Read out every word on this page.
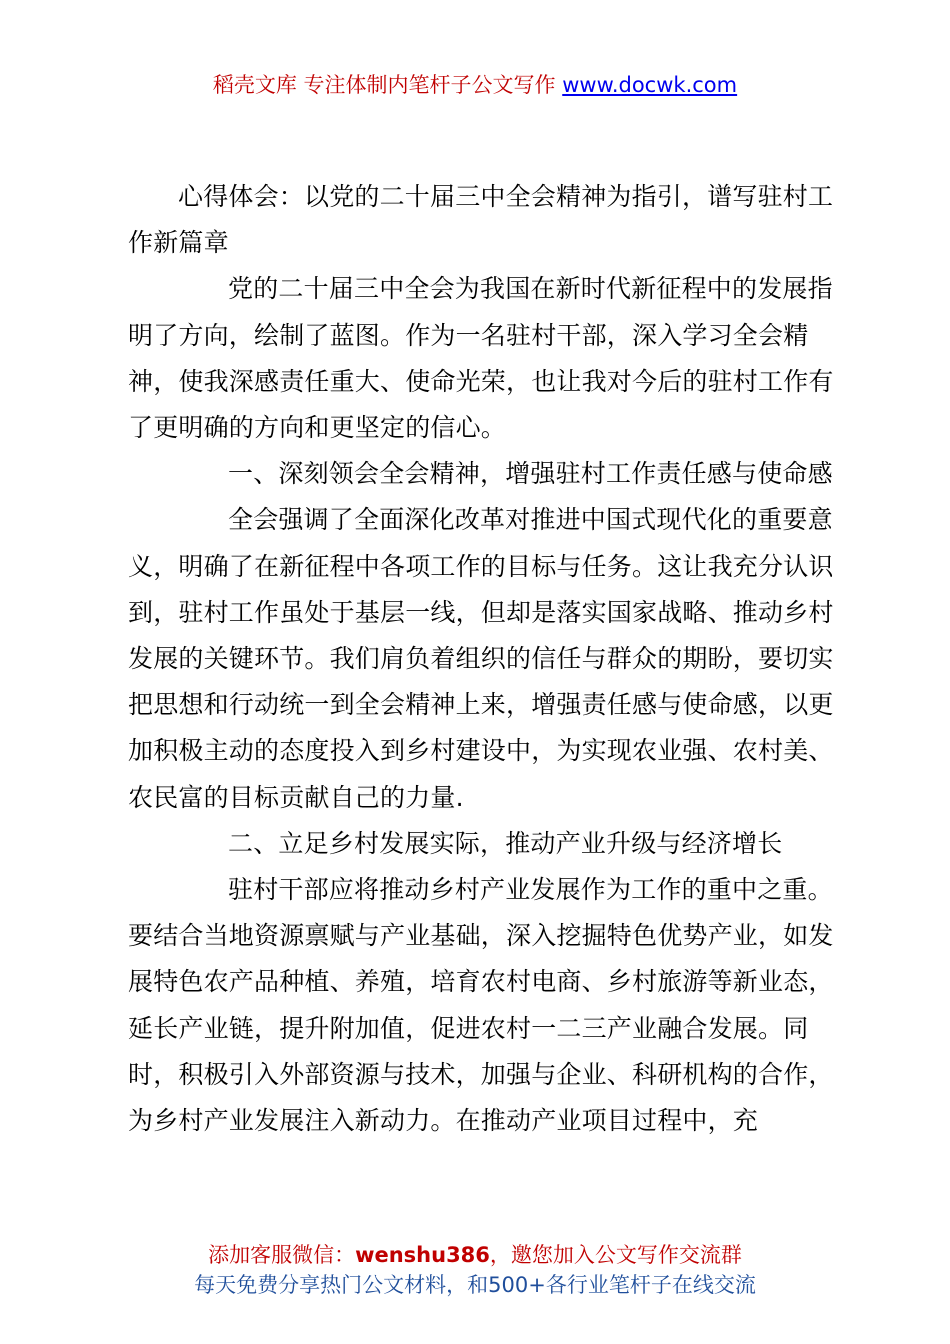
稻壳文库 专注体制内笔杆子公文写作 www.docwk.com

心得体会：以党的二十届三中全会精神为指引，谱写驻村工作新篇章

党的二十届三中全会为我国在新时代新征程中的发展指明了方向，绘制了蓝图。作为一名驻村干部，深入学习全会精神，使我深感责任重大、使命光荣，也让我对今后的驻村工作有了更明确的方向和更坚定的信心。

一、深刻领会全会精神，增强驻村工作责任感与使命感

全会强调了全面深化改革对推进中国式现代化的重要意义，明确了在新征程中各项工作的目标与任务。这让我充分认识到，驻村工作虽处于基层一线，但却是落实国家战略、推动乡村发展的关键环节。我们肩负着组织的信任与群众的期盼，要切实把思想和行动统一到全会精神上来，增强责任感与使命感，以更加积极主动的态度投入到乡村建设中，为实现农业强、农村美、农民富的目标贡献自己的力量.

二、立足乡村发展实际，推动产业升级与经济增长

驻村干部应将推动乡村产业发展作为工作的重中之重。要结合当地资源禀赋与产业基础，深入挖掘特色优势产业，如发展特色农产品种植、养殖，培育农村电商、乡村旅游等新业态，延长产业链，提升附加值，促进农村一二三产业融合发展。同时，积极引入外部资源与技术，加强与企业、科研机构的合作，为乡村产业发展注入新动力。在推动产业项目过程中，充

添加客服微信：wenshu386，邀您加入公文写作交流群
每天免费分享热门公文材料，和500+各行业笔杆子在线交流
